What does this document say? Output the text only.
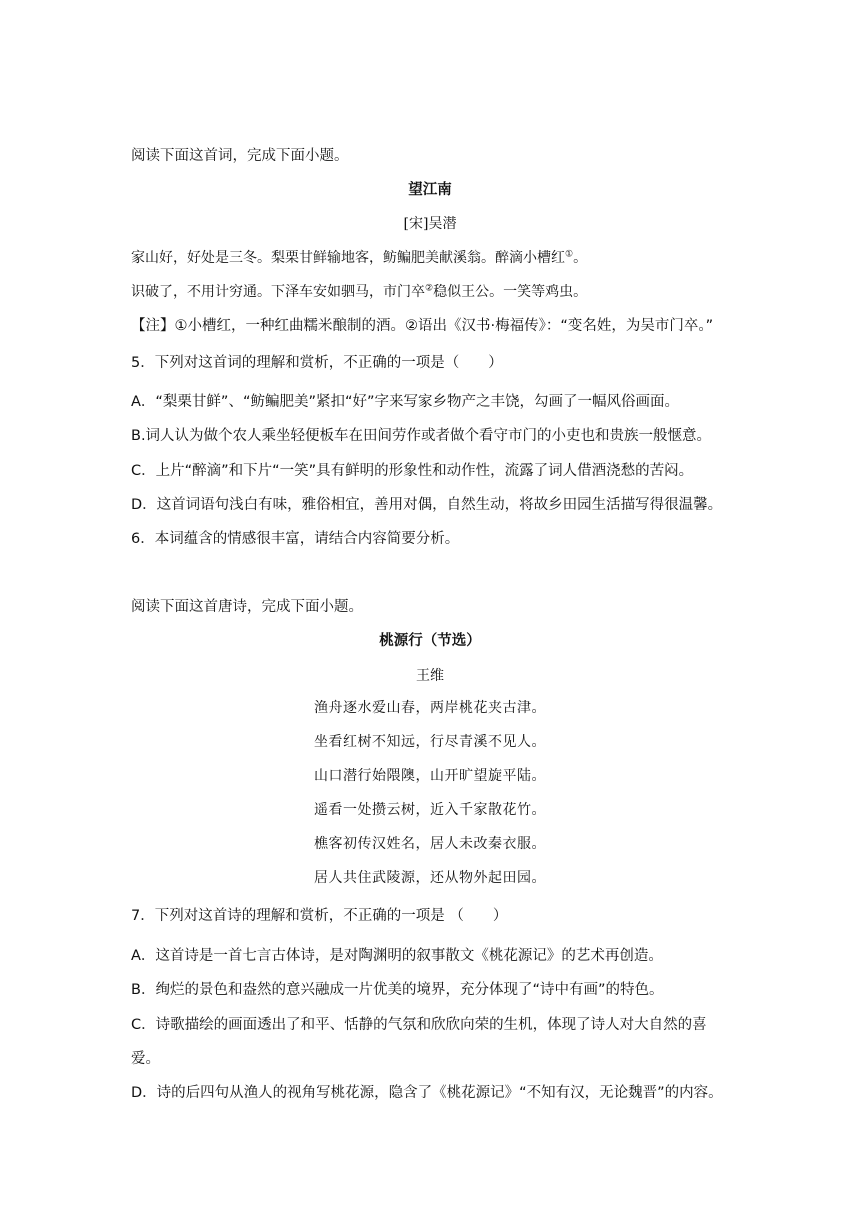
阅读下面这首词，完成下面小题。
望江南
[宋]吴潜
家山好，好处是三冬。梨栗甘鲜输地客，鲂鳊肥美献溪翁。醉滴小槽红①。
识破了，不用计穷通。下泽车安如驷马，市门卒②稳似王公。一笑等鸡虫。
【注】①小槽红，一种红曲糯米酿制的酒。②语出《汉书·梅福传》：“变名姓，为吴市门卒。”
5．下列对这首词的理解和赏析，不正确的一项是（　　）
A．“梨栗甘鲜”、“鲂鳊肥美”紧扣“好”字来写家乡物产之丰饶，勾画了一幅风俗画面。
B.词人认为做个农人乘坐轻便板车在田间劳作或者做个看守市门的小吏也和贵族一般惬意。
C．上片“醉滴”和下片“一笑”具有鲜明的形象性和动作性，流露了词人借酒浇愁的苦闷。
D．这首词语句浅白有味，雅俗相宜，善用对偶，自然生动，将故乡田园生活描写得很温馨。
6．本词蕴含的情感很丰富，请结合内容简要分析。
阅读下面这首唐诗，完成下面小题。
桃源行（节选）
王维
渔舟逐水爱山春，两岸桃花夹古津。
坐看红树不知远，行尽青溪不见人。
山口潜行始隈隩，山开旷望旋平陆。
遥看一处攒云树，近入千家散花竹。
樵客初传汉姓名，居人未改秦衣服。
居人共住武陵源，还从物外起田园。
7．下列对这首诗的理解和赏析，不正确的一项是 （　　）
A．这首诗是一首七言古体诗，是对陶渊明的叙事散文《桃花源记》的艺术再创造。
B．绚烂的景色和盎然的意兴融成一片优美的境界，充分体现了“诗中有画”的特色。
C．诗歌描绘的画面透出了和平、恬静的气氛和欣欣向荣的生机，体现了诗人对大自然的喜
爱。
D．诗的后四句从渔人的视角写桃花源，隐含了《桃花源记》“不知有汉，无论魏晋”的内容。
